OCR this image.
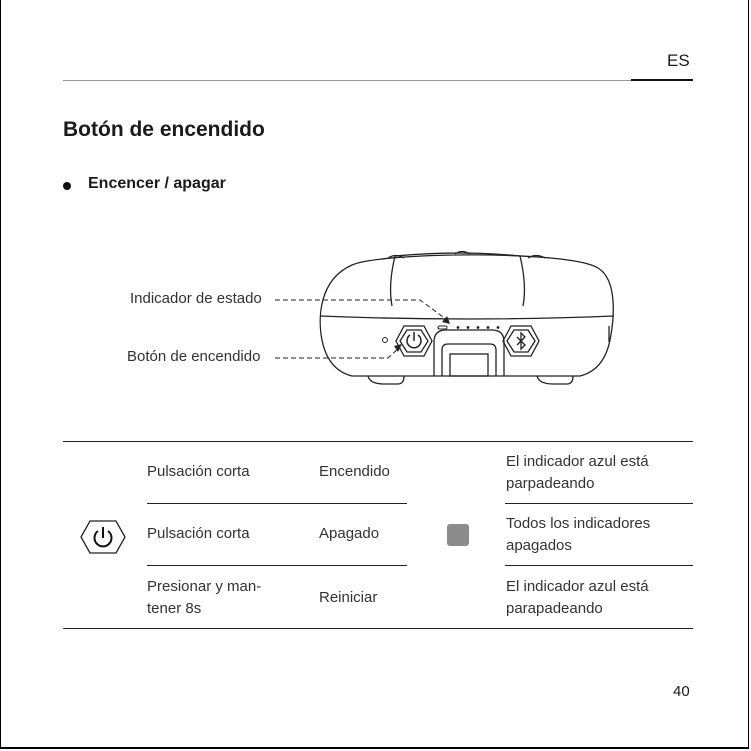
ES
Botón de encendido
Encencer / apagar
Indicador de estado
Botón de encendido
Pulsación corta	Encendido
El indicador azul está
parpadeando
Pulsación corta	Apagado
Todos los indicadores
apagados
Presionar y man-
tener 8s
Reiniciar
El indicador azul está
parapadeando
40
